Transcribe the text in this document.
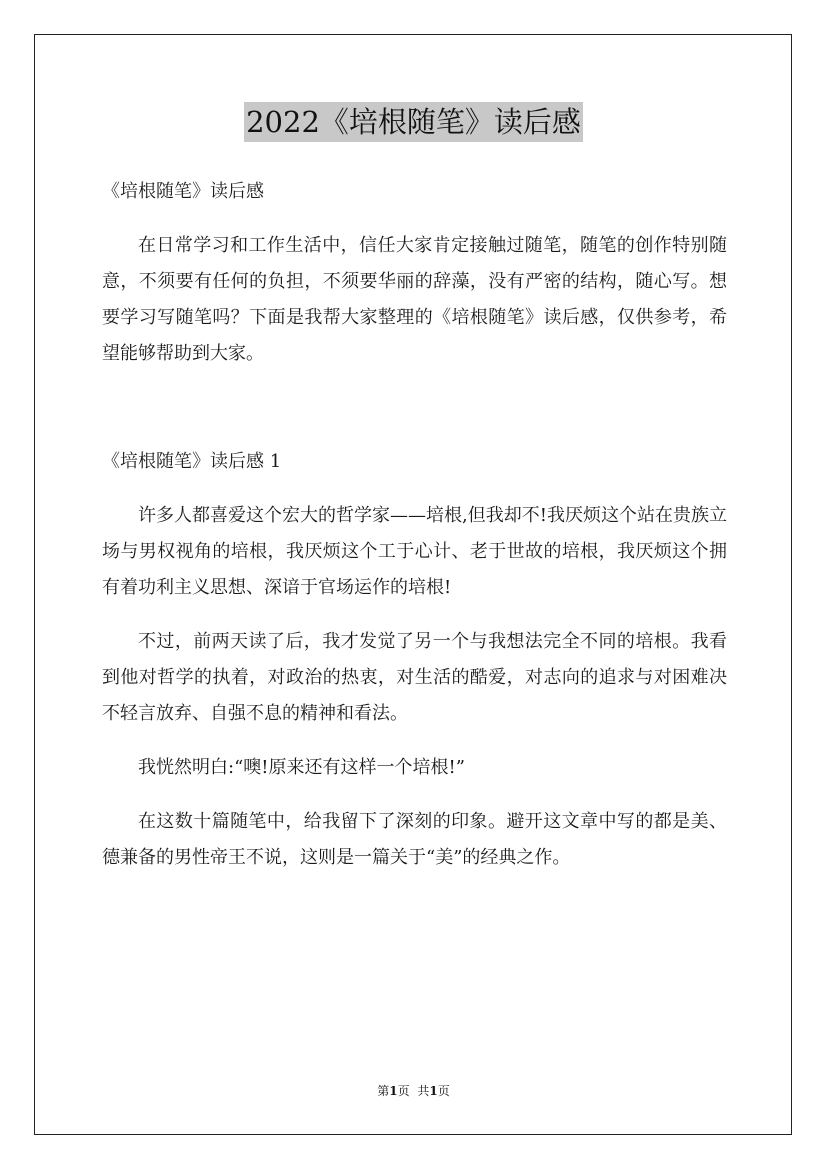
2022《培根随笔》读后感

《培根随笔》读后感

在日常学习和工作生活中，信任大家肯定接触过随笔，随笔的创作特别随意，不须要有任何的负担，不须要华丽的辞藻，没有严密的结构，随心写。想要学习写随笔吗？下面是我帮大家整理的《培根随笔》读后感，仅供参考，希望能够帮助到大家。

《培根随笔》读后感 1

许多人都喜爱这个宏大的哲学家——培根,但我却不!我厌烦这个站在贵族立场与男权视角的培根，我厌烦这个工于心计、老于世故的培根，我厌烦这个拥有着功利主义思想、深谙于官场运作的培根!

不过，前两天读了后，我才发觉了另一个与我想法完全不同的培根。我看到他对哲学的执着，对政治的热衷，对生活的酷爱，对志向的追求与对困难决不轻言放弃、自强不息的精神和看法。

我恍然明白:“噢!原来还有这样一个培根!”

在这数十篇随笔中，给我留下了深刻的印象。避开这文章中写的都是美、德兼备的男性帝王不说，这则是一篇关于“美”的经典之作。

第1页 共1页
